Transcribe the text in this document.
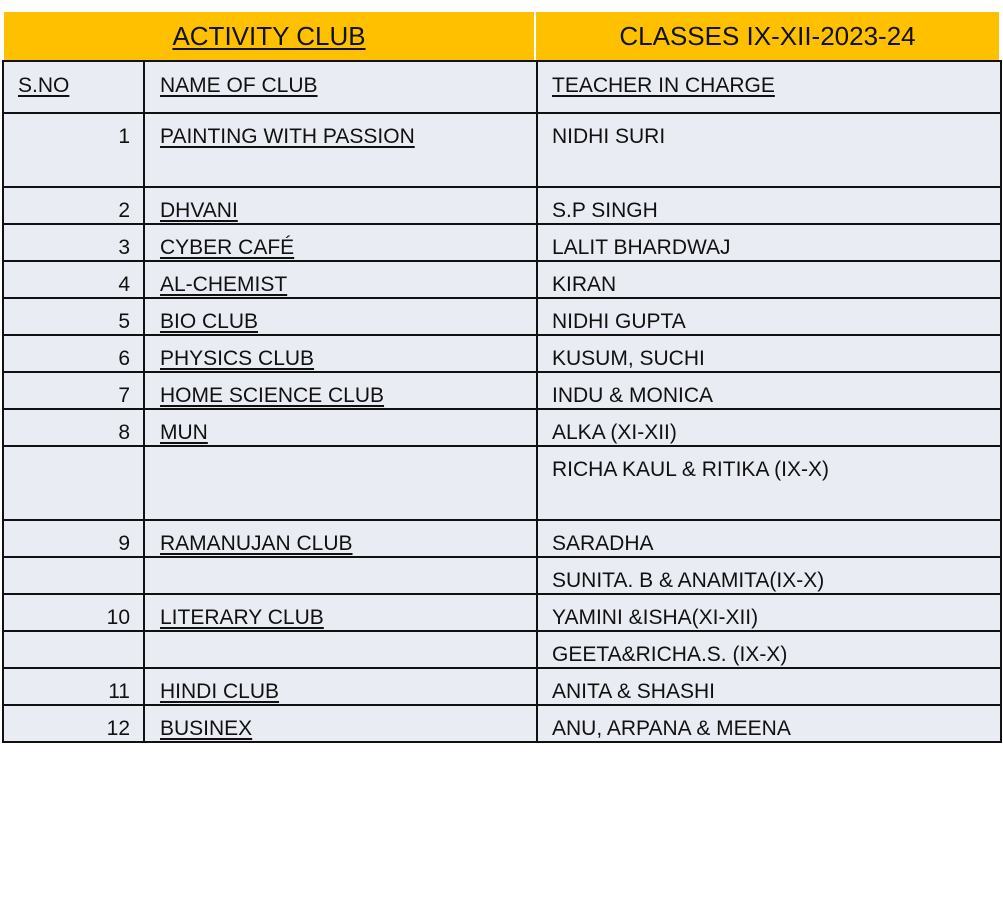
ACTIVITY CLUB	CLASSES IX-XII-2023-24
S.NO	NAME OF CLUB	TEACHER IN CHARGE
1	PAINTING WITH PASSION	NIDHI SURI
2	DHVANI	S.P SINGH
3	CYBER CAFÉ	LALIT BHARDWAJ
4	AL-CHEMIST	KIRAN
5	BIO CLUB	NIDHI GUPTA
6	PHYSICS CLUB	KUSUM, SUCHI
7	HOME SCIENCE CLUB	INDU & MONICA
8	MUN	ALKA (XI-XII)
		RICHA KAUL & RITIKA (IX-X)
9	RAMANUJAN CLUB	SARADHA
		SUNITA. B & ANAMITA(IX-X)
10	LITERARY CLUB	YAMINI &ISHA(XI-XII)
		GEETA&RICHA.S. (IX-X)
11	HINDI CLUB	ANITA & SHASHI
12	BUSINEX	ANU, ARPANA & MEENA
